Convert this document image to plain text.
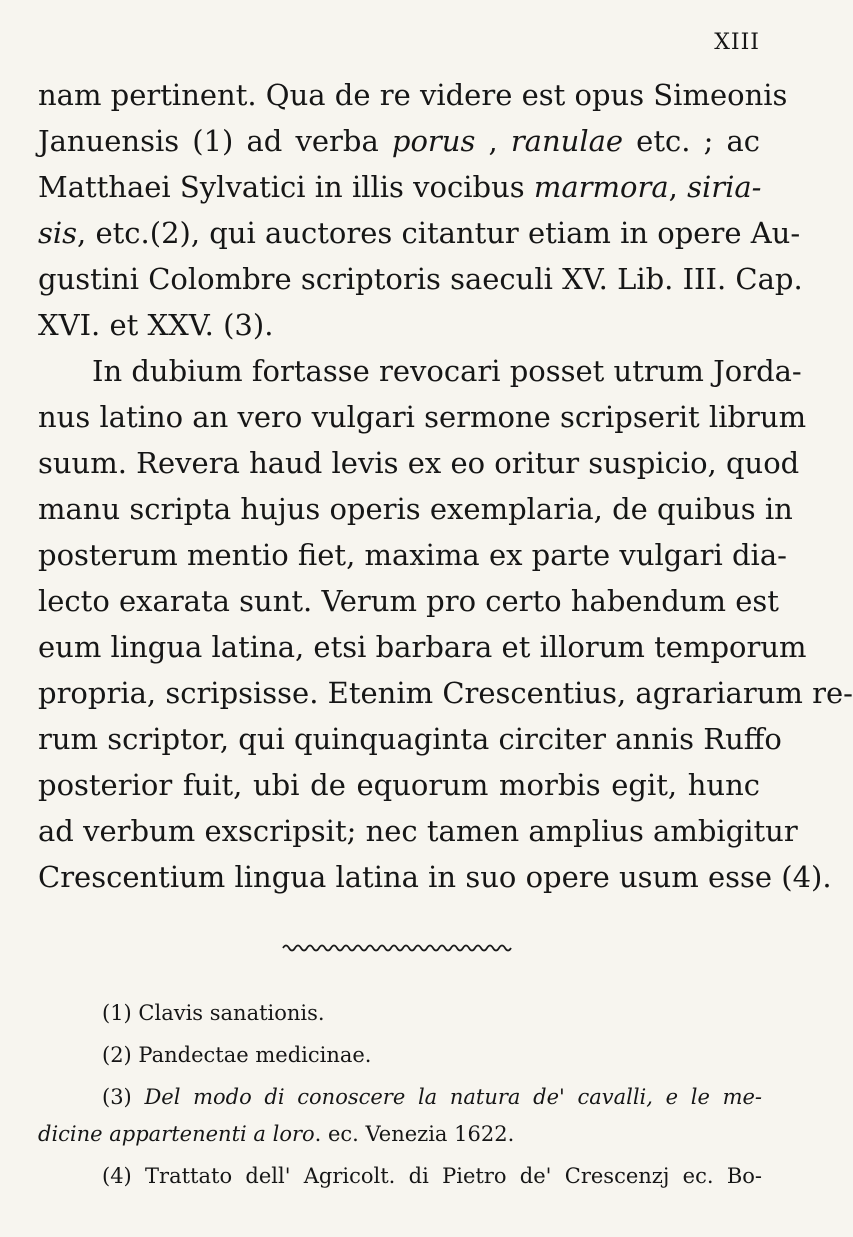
XIII
nam pertinent. Qua de re videre est opus Simeonis
Januensis (1) ad verba porus , ranulae etc. ; ac
Matthaei Sylvatici in illis vocibus marmora, siria-
sis, etc.(2), qui auctores citantur etiam in opere Au-
gustini Colombre scriptoris saeculi XV. Lib. III. Cap.
XVI. et XXV. (3).
In dubium fortasse revocari posset utrum Jorda-
nus latino an vero vulgari sermone scripserit librum
suum. Revera haud levis ex eo oritur suspicio, quod
manu scripta hujus operis exemplaria, de quibus in
posterum mentio fiet, maxima ex parte vulgari dia-
lecto exarata sunt. Verum pro certo habendum est
eum lingua latina, etsi barbara et illorum temporum
propria, scripsisse. Etenim Crescentius, agrariarum re-
rum scriptor, qui quinquaginta circiter annis Ruffo
posterior fuit, ubi de equorum morbis egit, hunc
ad verbum exscripsit; nec tamen amplius ambigitur
Crescentium lingua latina in suo opere usum esse (4).
(1) Clavis sanationis.
(2) Pandectae medicinae.
(3) Del modo di conoscere la natura de' cavalli, e le me-
dicine appartenenti a loro. ec. Venezia 1622.
(4) Trattato dell' Agricolt. di Pietro de' Crescenzj ec. Bo-
